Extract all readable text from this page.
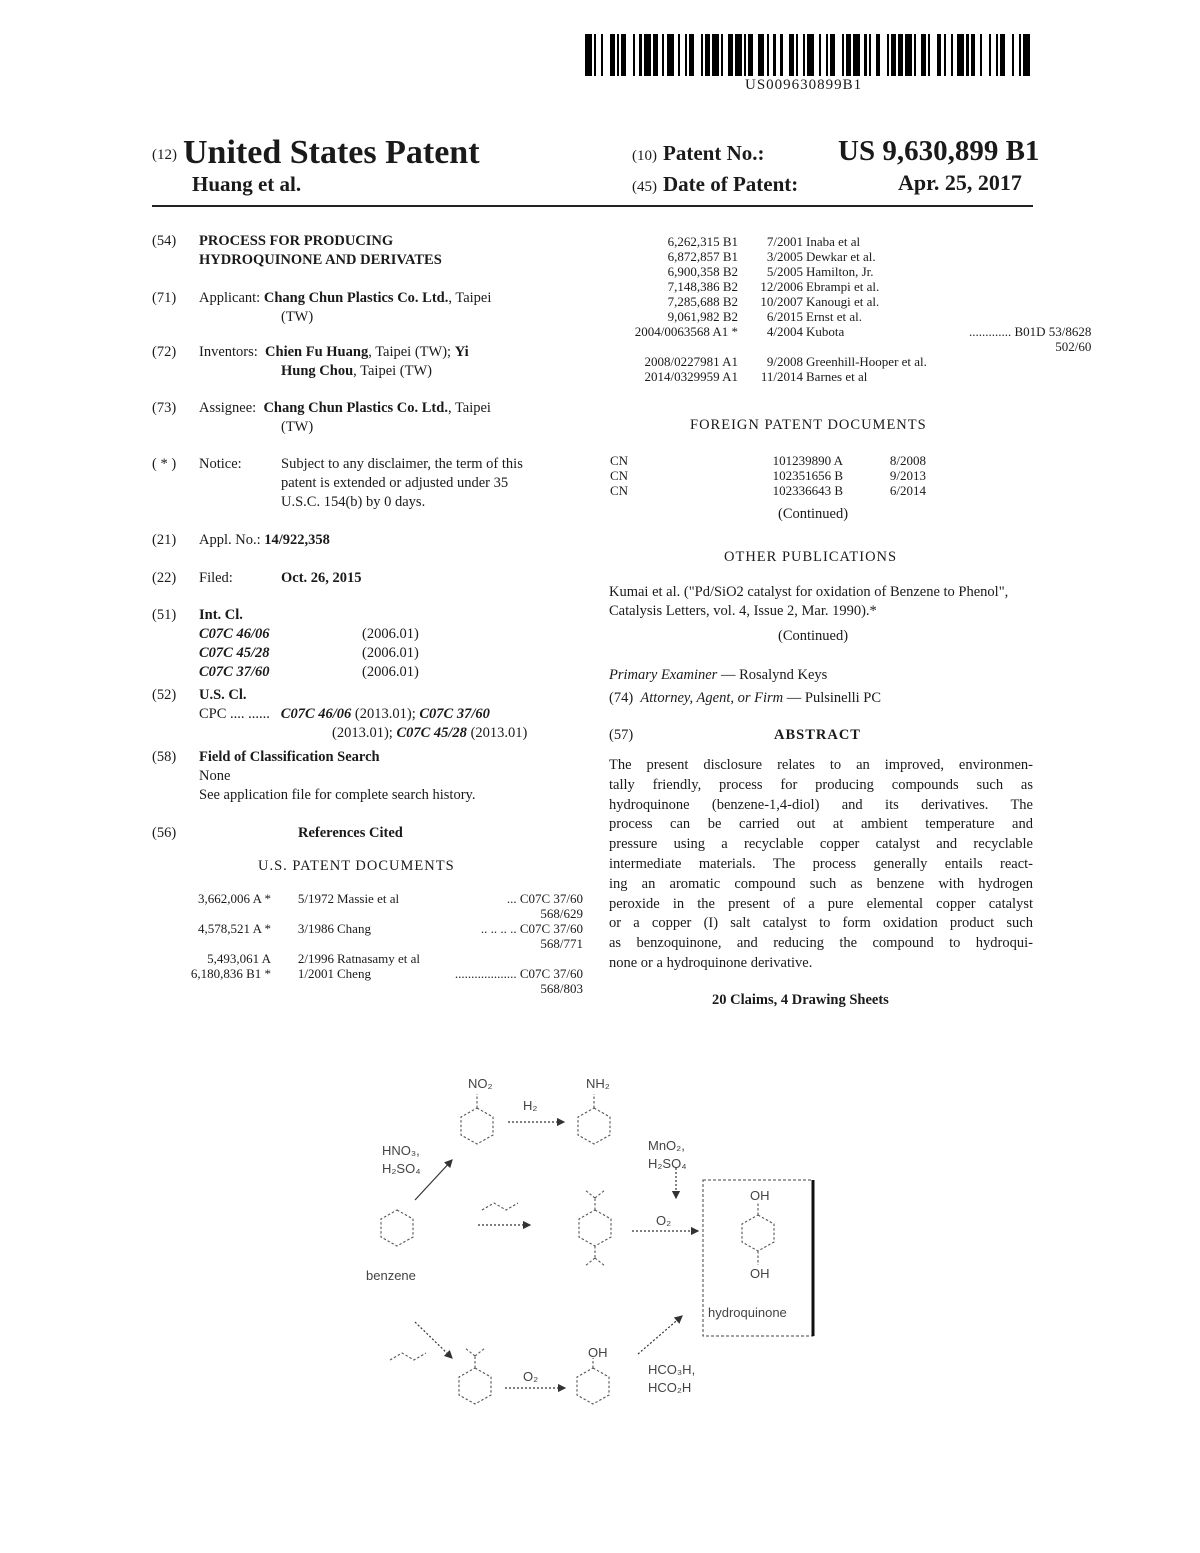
US009630899B1
(12) United States Patent
Huang et al.
(10) Patent No.:	US 9,630,899 B1
(45) Date of Patent:	Apr. 25, 2017
(54) PROCESS FOR PRODUCING
HYDROQUINONE AND DERIVATES
(71) Applicant: Chang Chun Plastics Co. Ltd., Taipei
(TW)
(72) Inventors: Chien Fu Huang, Taipei (TW); Yi
Hung Chou, Taipei (TW)
(73) Assignee: Chang Chun Plastics Co. Ltd., Taipei
(TW)
( * ) Notice:	Subject to any disclaimer, the term of this
patent is extended or adjusted under 35
U.S.C. 154(b) by 0 days.
(21) Appl. No.: 14/922,358
(22) Filed:	Oct. 26, 2015
(51) Int. Cl.
C07C 46/06	(2006.01)
C07C 45/28	(2006.01)
C07C 37/60	(2006.01)
(52) U.S. Cl.
CPC .... ...... C07C 46/06 (2013.01); C07C 37/60
(2013.01); C07C 45/28 (2013.01)
(58) Field of Classification Search
None
See application file for complete search history.
(56)	References Cited
U.S. PATENT DOCUMENTS
3,662,006 A *	5/1972	Massie et al	... C07C 37/60
568/629			
4,578,521 A *	3/1986	Chang	.. .. .. .. C07C 37/60
568/771			
5,493,061 A	2/1996	Ratnasamy et al	
6,180,836 B1 *	1/2001	Cheng	................... C07C 37/60
568/803			
6,262,315 B1	7/2001	Inaba et al	
6,872,857 B1	3/2005	Dewkar et al.	
6,900,358 B2	5/2005	Hamilton, Jr.	
7,148,386 B2	12/2006	Ebrampi et al.	
7,285,688 B2	10/2007	Kanougi et al.	
9,061,982 B2	6/2015	Ernst et al.	
2004/0063568 A1 *	4/2004	Kubota	............. B01D 53/8628
502/60			
2008/0227981 A1	9/2008	Greenhill-Hooper et al.	
2014/0329959 A1	11/2014	Barnes et al	
FOREIGN PATENT DOCUMENTS
CN	101239890 A	8/2008
CN	102351656 B	9/2013
CN	102336643 B	6/2014
(Continued)
OTHER PUBLICATIONS
Kumai et al. ("Pd/SiO2 catalyst for oxidation of Benzene to Phenol",
Catalysis Letters, vol. 4, Issue 2, Mar. 1990).*
(Continued)
Primary Examiner — Rosalynd Keys
(74) Attorney, Agent, or Firm — Pulsinelli PC
(57)	ABSTRACT
The present disclosure relates to an improved, environmen-
tally friendly, process for producing compounds such as
hydroquinone (benzene-1,4-diol) and its derivatives. The
process can be carried out at ambient temperature and
pressure using a recyclable copper catalyst and recyclable
intermediate materials. The process generally entails react-
ing an aromatic compound such as benzene with hydrogen
peroxide in the present of a pure elemental copper catalyst
or a copper (I) salt catalyst to form oxidation product such
as benzoquinone, and reducing the compound to hydroqui-
none or a hydroquinone derivative.
20 Claims, 4 Drawing Sheets
NO₂	NH₂
H₂
HNO₃,
H₂SO₄
MnO₂,
H₂SO₄
O₂
OH
OH
benzene
hydroquinone
O₂
OH
HCO₃H,
HCO₂H
